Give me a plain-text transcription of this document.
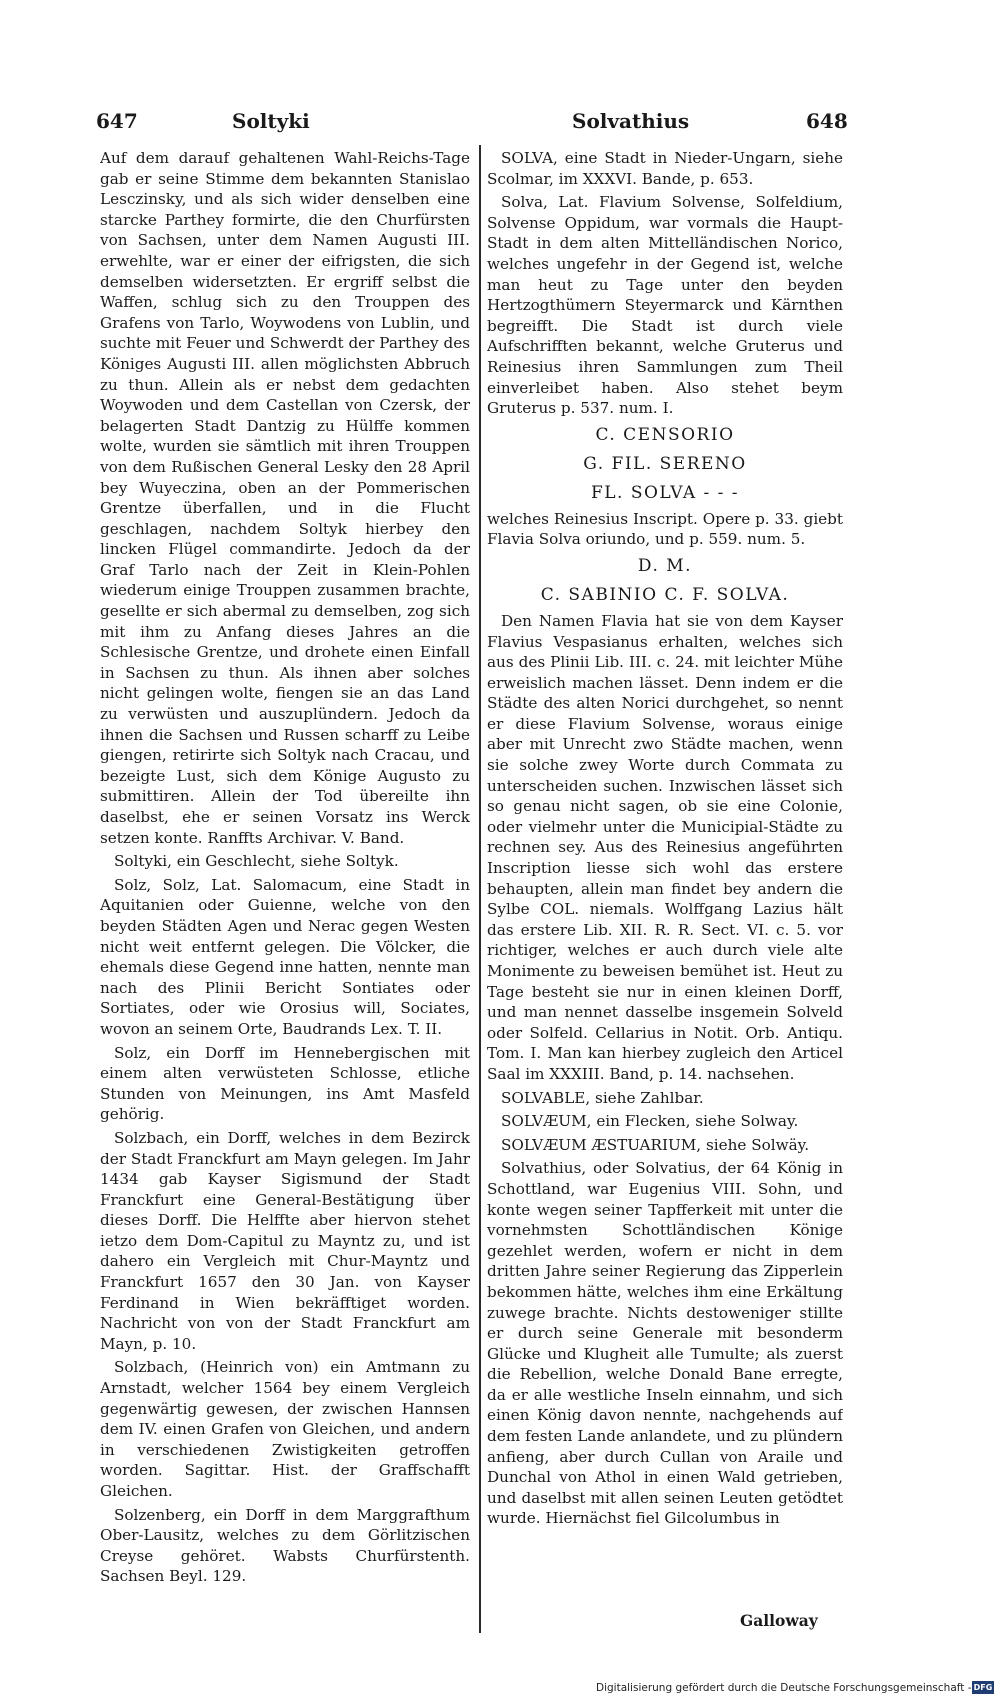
647	Soltyki	Solvathius	648

Auf dem darauf gehaltenen Wahl-Reichs-Tage gab er seine Stimme dem bekannten Stanislao Lesczinsky, und als sich wider denselben eine starcke Parthey formirte, die den Churfürsten von Sachsen, unter dem Namen Augusti III. erwehlte, war er einer der eifrigsten, die sich demselben widersetzten. Er ergriff selbst die Waffen, schlug sich zu den Trouppen des Grafens von Tarlo, Woywodens von Lublin, und suchte mit Feuer und Schwerdt der Parthey des Königes Augusti III. allen möglichsten Abbruch zu thun. Allein als er nebst dem gedachten Woywoden und dem Castellan von Czersk, der belagerten Stadt Dantzig zu Hülffe kommen wolte, wurden sie sämtlich mit ihren Trouppen von dem Rußischen General Lesky den 28 April bey Wuyeczina, oben an der Pommerischen Grentze überfallen, und in die Flucht geschlagen, nachdem Soltyk hierbey den lincken Flügel commandirte. Jedoch da der Graf Tarlo nach der Zeit in Klein-Pohlen wiederum einige Trouppen zusammen brachte, gesellte er sich abermal zu demselben, zog sich mit ihm zu Anfang dieses Jahres an die Schlesische Grentze, und drohete einen Einfall in Sachsen zu thun. Als ihnen aber solches nicht gelingen wolte, fiengen sie an das Land zu verwüsten und auszuplündern. Jedoch da ihnen die Sachsen und Russen scharff zu Leibe giengen, retirirte sich Soltyk nach Cracau, und bezeigte Lust, sich dem Könige Augusto zu submittiren. Allein der Tod übereilte ihn daselbst, ehe er seinen Vorsatz ins Werck setzen konte. Ranffts Archivar. V. Band.

Soltyki, ein Geschlecht, siehe Soltyk.

Solz, Solz, Lat. Salomacum, eine Stadt in Aquitanien oder Guienne, welche von den beyden Städten Agen und Nerac gegen Westen nicht weit entfernt gelegen. Die Völcker, die ehemals diese Gegend inne hatten, nennte man nach des Plinii Bericht Sontiates oder Sortiates, oder wie Orosius will, Sociates, wovon an seinem Orte, Baudrands Lex. T. II.

Solz, ein Dorff im Hennebergischen mit einem alten verwüsteten Schlosse, etliche Stunden von Meinungen, ins Amt Masfeld gehörig.

Solzbach, ein Dorff, welches in dem Bezirck der Stadt Franckfurt am Mayn gelegen. Im Jahr 1434 gab Kayser Sigismund der Stadt Franckfurt eine General-Bestätigung über dieses Dorff. Die Helffte aber hiervon stehet ietzo dem Dom-Capitul zu Mayntz zu, und ist dahero ein Vergleich mit Chur-Mayntz und Franckfurt 1657 den 30 Jan. von Kayser Ferdinand in Wien bekräfftiget worden. Nachricht von von der Stadt Franckfurt am Mayn, p. 10.

Solzbach, (Heinrich von) ein Amtmann zu Arnstadt, welcher 1564 bey einem Vergleich gegenwärtig gewesen, der zwischen Hannsen dem IV. einen Grafen von Gleichen, und andern in verschiedenen Zwistigkeiten getroffen worden. Sagittar. Hist. der Graffschafft Gleichen.

Solzenberg, ein Dorff in dem Marggrafthum Ober-Lausitz, welches zu dem Görlitzischen Creyse gehöret. Wabsts Churfürstenth. Sachsen Beyl. 129.

SOLVA, eine Stadt in Nieder-Ungarn, siehe Scolmar, im XXXVI. Bande, p. 653.

Solva, Lat. Flavium Solvense, Solfeldium, Solvense Oppidum, war vormals die Haupt-Stadt in dem alten Mittelländischen Norico, welches ungefehr in der Gegend ist, welche man heut zu Tage unter den beyden Hertzogthümern Steyermarck und Kärnthen begreifft. Die Stadt ist durch viele Aufschrifften bekannt, welche Gruterus und Reinesius ihren Sammlungen zum Theil einverleibet haben. Also stehet beym Gruterus p. 537. num. I.

C. CENSORIO
G. FIL. SERENO
FL. SOLVA - - -

welches Reinesius Inscript. Opere p. 33. giebt Flavia Solva oriundo, und p. 559. num. 5.

D. M.
C. SABINIO C. F. SOLVA.

Den Namen Flavia hat sie von dem Kayser Flavius Vespasianus erhalten, welches sich aus des Plinii Lib. III. c. 24. mit leichter Mühe erweislich machen lässet. Denn indem er die Städte des alten Norici durchgehet, so nennt er diese Flavium Solvense, woraus einige aber mit Unrecht zwo Städte machen, wenn sie solche zwey Worte durch Commata zu unterscheiden suchen. Inzwischen lässet sich so genau nicht sagen, ob sie eine Colonie, oder vielmehr unter die Municipial-Städte zu rechnen sey. Aus des Reinesius angeführten Inscription liesse sich wohl das erstere behaupten, allein man findet bey andern die Sylbe COL. niemals. Wolffgang Lazius hält das erstere Lib. XII. R. R. Sect. VI. c. 5. vor richtiger, welches er auch durch viele alte Monimente zu beweisen bemühet ist. Heut zu Tage besteht sie nur in einen kleinen Dorff, und man nennet dasselbe insgemein Solveld oder Solfeld. Cellarius in Notit. Orb. Antiqu. Tom. I. Man kan hierbey zugleich den Articel Saal im XXXIII. Band, p. 14. nachsehen.

SOLVABLE, siehe Zahlbar.

SOLVÆUM, ein Flecken, siehe Solway.

SOLVÆUM ÆSTUARIUM, siehe Solwäy.

Solvathius, oder Solvatius, der 64 König in Schottland, war Eugenius VIII. Sohn, und konte wegen seiner Tapfferkeit mit unter die vornehmsten Schottländischen Könige gezehlet werden, wofern er nicht in dem dritten Jahre seiner Regierung das Zipperlein bekommen hätte, welches ihm eine Erkältung zuwege brachte. Nichts destoweniger stillte er durch seine Generale mit besonderm Glücke und Klugheit alle Tumulte; als zuerst die Rebellion, welche Donald Bane erregte, da er alle westliche Inseln einnahm, und sich einen König davon nennte, nachgehends auf dem festen Lande anlandete, und zu plündern anfieng, aber durch Cullan von Araile und Dunchal von Athol in einen Wald getrieben, und daselbst mit allen seinen Leuten getödtet wurde. Hiernächst fiel Gilcolumbus in

Galloway
Digitalisierung gefördert durch die Deutsche Forschungsgemeinschaft - DFG
